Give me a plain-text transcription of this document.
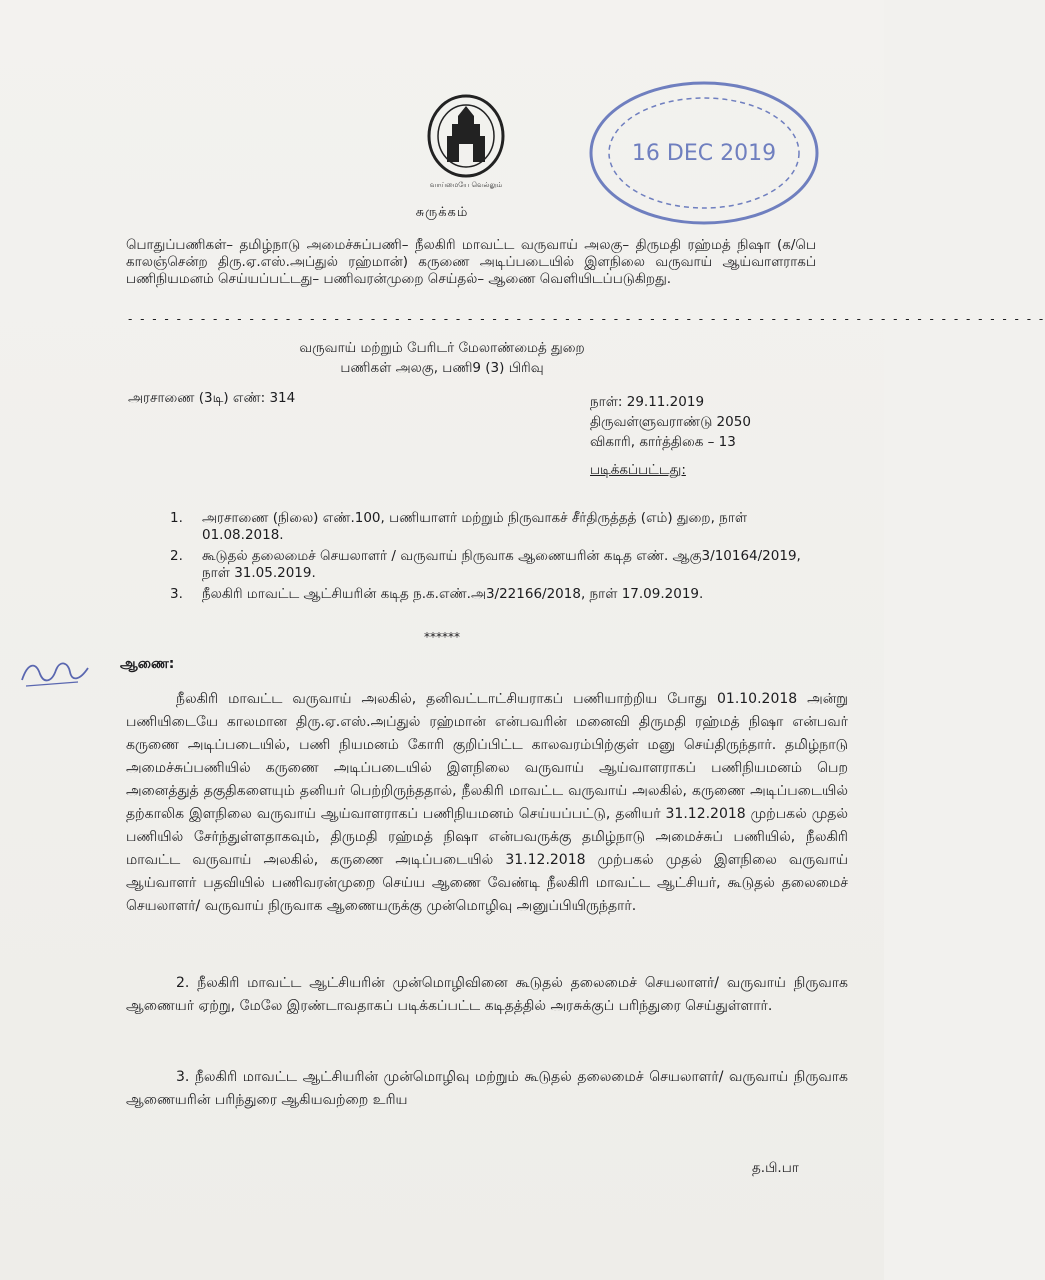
வாய்மையே வெல்லும்
16 DEC 2019
சுருக்கம்
பொதுப்பணிகள்– தமிழ்நாடு அமைச்சுப்பணி– நீலகிரி மாவட்ட வருவாய் அலகு– திருமதி ரஹ்மத் நிஷா (க/பெ காலஞ்சென்ற திரு.ஏ.எஸ்.அப்துல் ரஹ்மான்) கருணை அடிப்படையில் இளநிலை வருவாய் ஆய்வாளராகப் பணிநியமனம் செய்யப்பட்டது– பணிவரன்முறை செய்தல்– ஆணை வெளியிடப்படுகிறது.
- - - - - - - - - - - - - - - - - - - - - - - - - - - - - - - - - - - - - - - - - - - - - - - - - - - - - - - - - - - - - - - - - - - - - - - - - - - -
வருவாய் மற்றும் பேரிடர் மேலாண்மைத் துறை
பணிகள் அலகு, பணி9 (3) பிரிவு
அரசாணை (3டி) எண்: 314	நாள்: 29.11.2019
திருவள்ளுவராண்டு 2050
விகாரி, கார்த்திகை – 13
படிக்கப்பட்டது:
1. அரசாணை (நிலை) எண்.100, பணியாளர் மற்றும் நிருவாகச் சீர்திருத்தத் (எம்) துறை, நாள் 01.08.2018.
2. கூடுதல் தலைமைச் செயலாளர் / வருவாய் நிருவாக ஆணையரின் கடித எண். ஆகு3/10164/2019, நாள் 31.05.2019.
3. நீலகிரி மாவட்ட ஆட்சியரின் கடித ந.க.எண்.அ3/22166/2018, நாள் 17.09.2019.
******
ஆணை:
நீலகிரி மாவட்ட வருவாய் அலகில், தனிவட்டாட்சியராகப் பணியாற்றிய போது 01.10.2018 அன்று பணியிடையே காலமான திரு.ஏ.எஸ்.அப்துல் ரஹ்மான் என்பவரின் மனைவி திருமதி ரஹ்மத் நிஷா என்பவர் கருணை அடிப்படையில், பணி நியமனம் கோரி குறிப்பிட்ட காலவரம்பிற்குள் மனு செய்திருந்தார். தமிழ்நாடு அமைச்சுப்பணியில் கருணை அடிப்படையில் இளநிலை வருவாய் ஆய்வாளராகப் பணிநியமனம் பெற அனைத்துத் தகுதிகளையும் தனியர் பெற்றிருந்ததால், நீலகிரி மாவட்ட வருவாய் அலகில், கருணை அடிப்படையில் தற்காலிக இளநிலை வருவாய் ஆய்வாளராகப் பணிநியமனம் செய்யப்பட்டு, தனியர் 31.12.2018 முற்பகல் முதல் பணியில் சேர்ந்துள்ளதாகவும், திருமதி ரஹ்மத் நிஷா என்பவருக்கு தமிழ்நாடு அமைச்சுப் பணியில், நீலகிரி மாவட்ட வருவாய் அலகில், கருணை அடிப்படையில் 31.12.2018 முற்பகல் முதல் இளநிலை வருவாய் ஆய்வாளர் பதவியில் பணிவரன்முறை செய்ய ஆணை வேண்டி நீலகிரி மாவட்ட ஆட்சியர், கூடுதல் தலைமைச் செயலாளர்/ வருவாய் நிருவாக ஆணையருக்கு முன்மொழிவு அனுப்பியிருந்தார்.
2. நீலகிரி மாவட்ட ஆட்சியரின் முன்மொழிவினை கூடுதல் தலைமைச் செயலாளர்/ வருவாய் நிருவாக ஆணையர் ஏற்று, மேலே இரண்டாவதாகப் படிக்கப்பட்ட கடிதத்தில் அரசுக்குப் பரிந்துரை செய்துள்ளார்.
3. நீலகிரி மாவட்ட ஆட்சியரின் முன்மொழிவு மற்றும் கூடுதல் தலைமைச் செயலாளர்/ வருவாய் நிருவாக ஆணையரின் பரிந்துரை ஆகியவற்றை உரிய
த.பி.பா
